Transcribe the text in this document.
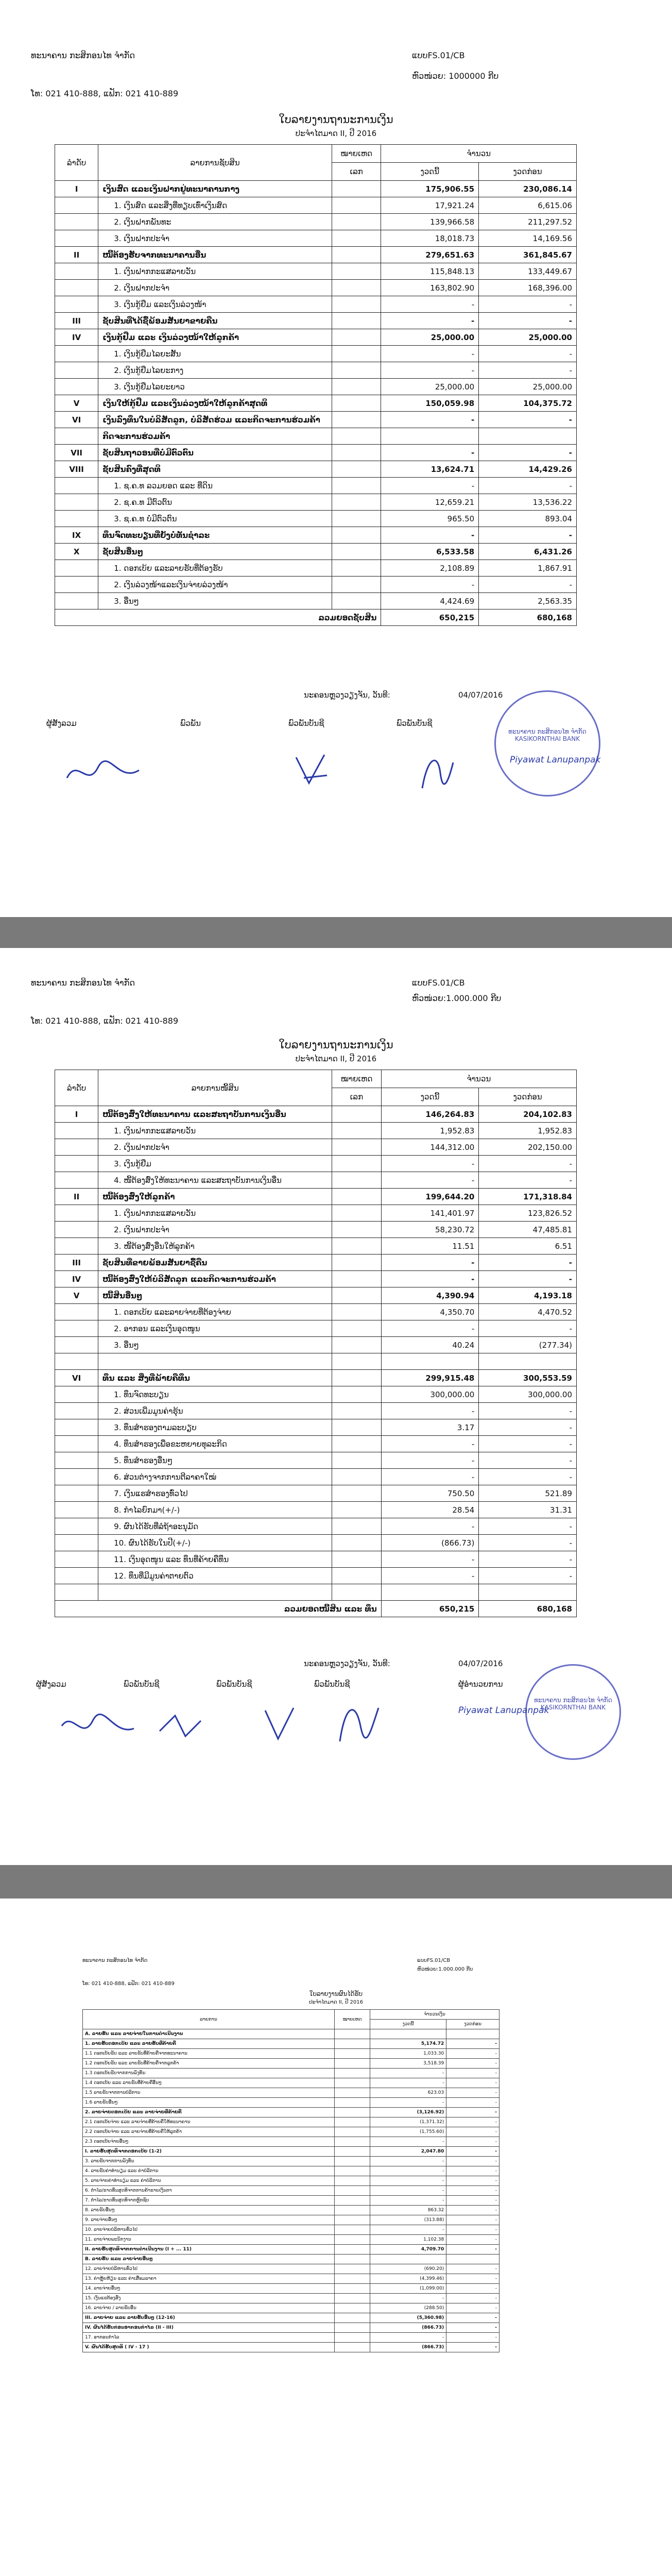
ທະນາຄານ ກະສິກອນໄທ ຈຳກັດ
ໂທ: 021 410-888, ແຟັກ: 021 410-889
ແບບFS.01/CB
ຫົວໜ່ວຍ: 1000000 ກີບ
ໃບລາຍງານຖານະການເງິນ
ປະຈຳໄຕມາດ II, ປີ 2016
ລຳດັບ	ລາຍການຊັບສິນ	ໝາຍເຫດ	ຈຳນວນ	
		ເລກ	ງວດນີ້	ງວດກ່ອນ
I	ເງິນສົດ ແລະເງິນຝາກຢູ່ທະນາຄານກາງ		175,906.55	230,086.14
	1. ເງິນສົດ ແລະສິ່ງທີ່ທຽບເທົ່າເງິນສົດ		17,921.24	6,615.06
	2. ເງິນຝາກພັນທະ		139,966.58	211,297.52
	3. ເງິນຝາກປະຈຳ		18,018.73	14,169.56
II	ໜີ້ຕ້ອງຮັບຈາກທະນາຄານອື່ນ		279,651.63	361,845.67
	1. ເງິນຝາກກະແສລາຍວັນ		115,848.13	133,449.67
	2. ເງິນຝາກປະຈຳ		163,802.90	168,396.00
	3. ເງິນກູ້ຢືມ ແລະເງິນລ່ວງໜ້າ		-	-
III	ຊັບສິນທີ່ໄດ້ຊື້ພ້ອມສັນຍາຂາຍຄືນ		-	-
IV	ເງິນກູ້ຢືມ ແລະ ເງິນລ່ວງໜ້າໃຫ້ລູກຄ້າ		25,000.00	25,000.00
	1. ເງິນກູ້ຢືມໄລຍະສັ້ນ		-	-
	2. ເງິນກູ້ຢືມໄລຍະກາງ		-	-
	3. ເງິນກູ້ຢືມໄລຍະຍາວ		25,000.00	25,000.00
V	ເງິນໃຫ້ກູ້ຢືມ ແລະເງິນລ່ວງໜ້າໃຫ້ລູກຄ້າສຸດທິ		150,059.98	104,375.72
VI	ເງິນລົງທຶນໃນບໍລິສັດລູກ, ບໍລິສັດຮ່ວມ ແລະກິດຈະການຮ່ວມຄ້າ		-	-
	ກິດຈະການຮ່ວມຄ້າ			
VII	ຊັບສິນຖາວອນທີ່ບໍ່ມີຕົວຕົນ		-	-
VIII	ຊັບສິນຄົງທີ່ສຸດທິ		13,624.71	14,429.26
	1. ຊ.ຄ.ທ ລວມຍອດ ແລະ ທີ່ດິນ		-	-
	2. ຊ.ຄ.ທ ມີຕົວຕົນ		12,659.21	13,536.22
	3. ຊ.ຄ.ທ ບໍ່ມີຕົວຕົນ		965.50	893.04
IX	ທຶນຈົດທະບຽນທີ່ຍັງບໍ່ທັນຊຳລະ		-	-
X	ຊັບສິນອື່ນໆ		6,533.58	6,431.26
	1. ດອກເບ້ຍ ແລະລາຍຮັບທີ່ຕ້ອງຮັບ		2,108.89	1,867.91
	2. ເງິນລ່ວງໜ້າແລະເງິນຈ່າຍລ່ວງໜ້າ		-	-
	3. ອື່ນໆ		4,424.69	2,563.35
ລວມຍອດຊັບສິນ			650,215	680,168
ນະຄອນຫຼວງວຽງຈັນ, ວັນທີ:	04/07/2016
ຜູ້ສັງລວມ	ພົວພັນ	ພົວພັນບັນຊີ	ພົວພັນບັນຊີ
ທະນາຄານ ກະສິກອນໄທ ຈຳກັດ
KASIKORNTHAI BANK
Piyawat Lanupanpak
ທະນາຄານ ກະສິກອນໄທ ຈຳກັດ
ໂທ: 021 410-888, ແຟັກ: 021 410-889
ແບບFS.01/CB
ຫົວໜ່ວຍ:1.000.000 ກີບ
ໃບລາຍງານຖານະການເງິນ
ປະຈຳໄຕມາດ II, ປີ 2016
ລຳດັບ	ລາຍການໜີ້ສິນ	ໝາຍເຫດ	ຈຳນວນ	
		ເລກ	ງວດນີ້	ງວດກ່ອນ
I	ໜີ້ຕ້ອງສົ່ງໃຫ້ທະນາຄານ ແລະສະຖາບັນການເງິນອື່ນ		146,264.83	204,102.83
	1. ເງິນຝາກກະແສລາຍວັນ		1,952.83	1,952.83
	2. ເງິນຝາກປະຈຳ		144,312.00	202,150.00
	3. ເງິນກູ້ຢືມ		-	-
	4. ໜີ້ຕ້ອງສົ່ງໃຫ້ທະນາຄານ ແລະສະຖາບັນການເງິນອື່ນ		-	-
II	ໜີ້ຕ້ອງສົ່ງໃຫ້ລູກຄ້າ		199,644.20	171,318.84
	1. ເງິນຝາກກະແສລາຍວັນ		141,401.97	123,826.52
	2. ເງິນຝາກປະຈຳ		58,230.72	47,485.81
	3. ໜີ້ຕ້ອງສົ່ງອື່ນໃຫ້ລູກຄ້າ		11.51	6.51
III	ຊັບສິນທີ່ຂາຍພ້ອມສັນຍາຊື້ຄືນ		-	-
IV	ໜີ້ຕ້ອງສົ່ງໃຫ້ບໍລິສັດລູກ ແລະກິດຈະການຮ່ວມຄ້າ		-	-
V	ໜີ້ສິນອື່ນໆ		4,390.94	4,193.18
	1. ດອກເບ້ຍ ແລະລາຍຈ່າຍທີ່ຕ້ອງຈ່າຍ		4,350.70	4,470.52
	2. ອາກອນ ແລະເງິນອຸດໜູນ		-	-
	3. ອື່ນໆ		40.24	(277.34)

VI	ທຶນ ແລະ ສິ່ງທີ່ພ້າຍຄືທຶນ		299,915.48	300,553.59
	1. ທຶນຈົດທະບຽນ		300,000.00	300,000.00
	2. ສ່ວນເພີ່ມມູນຄ່າຮຸ້ນ		-	-
	3. ທຶນສຳຮອງຕາມລະບຽບ		3.17	-
	4. ທຶນສຳຮອງເພື່ອຂະຫຍາຍທຸລະກິດ		-	-
	5. ທຶນສຳຮອງອື່ນໆ		-	-
	6. ສ່ວນຕ່າງຈາກການຕີລາຄາໃໝ່		-	-
	7. ເງິນແຮສຳຮອງທົ່ວໄປ		750.50	521.89
	8. ກຳໄລຍົກມາ(+/-)		28.54	31.31
	9. ຜົນໄດ້ຮັບທີ່ລໍຖ້າອະນຸມັດ		-	-
	10. ຜົນໄດ້ຮັບໃນປີ(+/-)		(866.73)	-
	11. ເງິນອຸດໜູນ ແລະ ທຶນທີ່ຄ້າຍຄືທຶນ		-	-
	12. ທຶນທີ່ມີມູນຄ່າຕາຍຕົວ		-	-

ລວມຍອດໜີ້ສິນ ແລະ ທຶນ			650,215	680,168
ນະຄອນຫຼວງວຽງຈັນ, ວັນທີ:	04/07/2016
ຜູ້ສັງລວມ	ພົວພັນບັນຊີ	ພົວພັນບັນຊີ	ພົວພັນບັນຊີ	ຜູ້ອຳນວຍການ
ທະນາຄານ ກະສິກອນໄທ ຈຳກັດ
KASIKORNTHAI BANK
Piyawat Lanupanpak
ທະນາຄານ ກະສິກອນໄທ ຈຳກັດ
ໂທ: 021 410-888, ແຟັກ: 021 410-889
ແບບFS.01/CB
ຫົວໜ່ວຍ:1.000.000 ກີບ
ໃບລາຍງານຜົນໄດ້ຮັບ
ປະຈຳໄຕມາດ II, ປີ 2016
ລາຍການ	ໝາຍເຫດ	ຈຳນວນເງິນ	
		ງວດນີ້	ງວດກ່ອນ
A. ລາຍຮັບ ແລະ ລາຍຈ່າຍໃນການດຳເນີນງານ			
1. ລາຍຮັບດອກເບ້ຍ ແລະ ລາຍຮັບທີ່ຄ້າຍຄື		5,174.72	-
1.1 ດອກເບ້ຍຮັບ ແລະ ລາຍຮັບທີ່ຄ້າຍຄືຈາກທະນາຄານ		1,033.30	-
1.2 ດອກເບ້ຍຮັບ ແລະ ລາຍຮັບທີ່ຄ້າຍຄືຈາກລູກຄ້າ		3,518.39	-
1.3 ດອກເບ້ຍຮັບຈາກການລົງທຶນ		-	-
1.4 ດອກເບ້ຍ ແລະ ລາຍຮັບທີ່ຄ້າຍຄືອື່ນໆ		-	-
1.5 ລາຍຮັບຈາກການບໍລິການ		623.03	-
1.6 ລາຍຮັບອື່ນໆ		-	-
2. ລາຍຈ່າຍດອກເບ້ຍ ແລະ ລາຍຈ່າຍທີ່ຄ້າຍຄື		(3,126.92)	-
2.1 ດອກເບ້ຍຈ່າຍ ແລະ ລາຍຈ່າຍທີ່ຄ້າຍຄືໃຫ້ທະນາຄານ		(1,371.32)	-
2.2 ດອກເບ້ຍຈ່າຍ ແລະ ລາຍຈ່າຍທີ່ຄ້າຍຄືໃຫ້ລູກຄ້າ		(1,755.60)	-
2.3 ດອກເບ້ຍຈ່າຍອື່ນໆ		-	-
I. ລາຍຮັບສຸດທິຈາກດອກເບ້ຍ (1-2)		2,047.80	-
3. ລາຍຮັບຈາກການລົງທຶນ		-	-
4. ລາຍຮັບຄ່າທຳນຽມ ແລະ ຄ່າບໍລິການ		-	-
5. ລາຍຈ່າຍຄ່າທຳນຽມ ແລະ ຄ່າບໍລິການ		-	-
6. ກຳໄລ/ຂາດທຶນສຸດທິຈາກການຄ້າຂາຍເງິນຕາ		-	-
7. ກຳໄລ/ຂາດທຶນສຸດທິຈາກຫຼັກຊັບ		-	-
8. ລາຍຮັບອື່ນໆ		863.32	-
9. ລາຍຈ່າຍອື່ນໆ		(313.88)	-
10. ລາຍຈ່າຍບໍລິຫານທົ່ວໄປ		-	-
11. ລາຍຈ່າຍພະນັກງານ		1,102.38	-
II. ລາຍຮັບສຸດທິຈາກການດຳເນີນງານ (I + ... 11)		4,709.70	-
B. ລາຍຮັບ ແລະ ລາຍຈ່າຍອື່ນໆ			
12. ລາຍຈ່າຍບໍລິຫານທົ່ວໄປ		(690.20)	-
13. ຄ່າຫຼຸ້ຍຫ້ຽນ ແລະ ຄ່າເສື່ອມລາຄາ		(4,399.46)	-
14. ລາຍຈ່າຍອື່ນໆ		(1,099.00)	-
15. ເງິນແຮຕ້ອງສົ່ງ		-	-
16. ລາຍຈ່າຍ / ລາຍຮັບອື່ນ		(288.50)	-
III. ລາຍຈ່າຍ ແລະ ລາຍຮັບອື່ນໆ (12-16)		(5,360.98)	-
IV. ຜົນໄດ້ຮັບກ່ອນອາກອນກຳໄລ (II - III)		(866.73)	-
17. ອາກອນກຳໄລ		-	-
V. ຜົນໄດ້ຮັບສຸດທິ ( IV - 17 )		(866.73)	-
